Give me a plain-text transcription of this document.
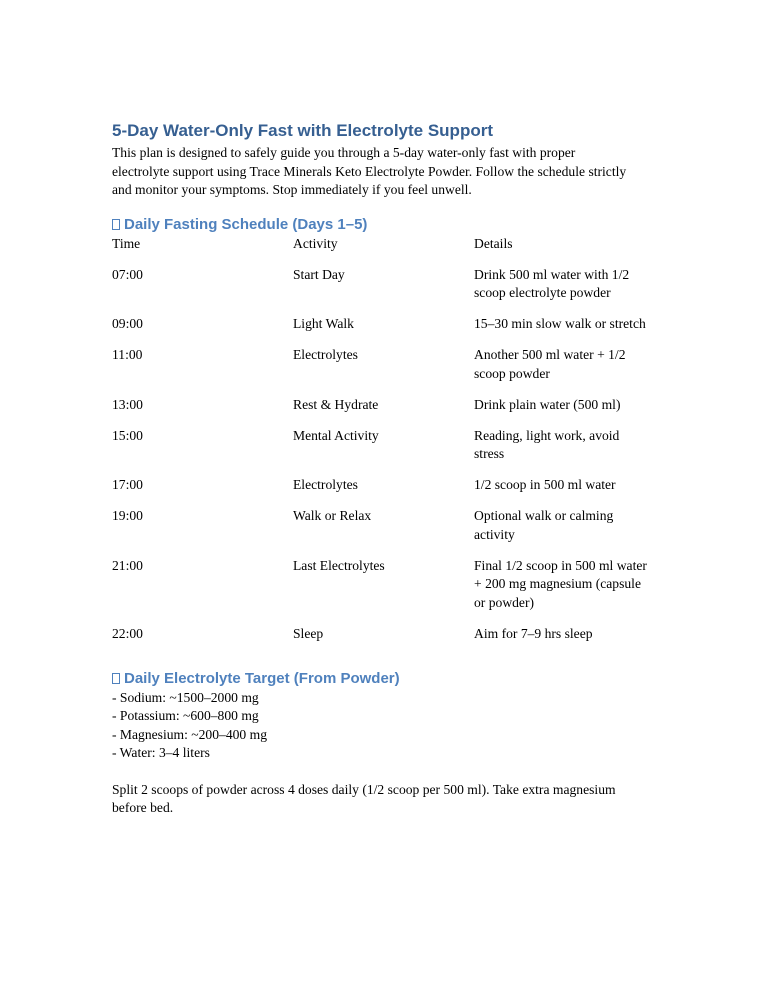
5-Day Water-Only Fast with Electrolyte Support

This plan is designed to safely guide you through a 5-day water-only fast with proper electrolyte support using Trace Minerals Keto Electrolyte Powder. Follow the schedule strictly and monitor your symptoms. Stop immediately if you feel unwell.

Daily Fasting Schedule (Days 1–5)
Time	Activity	Details
07:00	Start Day	Drink 500 ml water with 1/2 scoop electrolyte powder
09:00	Light Walk	15–30 min slow walk or stretch
11:00	Electrolytes	Another 500 ml water + 1/2 scoop powder
13:00	Rest & Hydrate	Drink plain water (500 ml)
15:00	Mental Activity	Reading, light work, avoid stress
17:00	Electrolytes	1/2 scoop in 500 ml water
19:00	Walk or Relax	Optional walk or calming activity
21:00	Last Electrolytes	Final 1/2 scoop in 500 ml water + 200 mg magnesium (capsule or powder)
22:00	Sleep	Aim for 7–9 hrs sleep
Daily Electrolyte Target (From Powder)
- Sodium: ~1500–2000 mg
- Potassium: ~600–800 mg
- Magnesium: ~200–400 mg
- Water: 3–4 liters

Split 2 scoops of powder across 4 doses daily (1/2 scoop per 500 ml). Take extra magnesium before bed.
